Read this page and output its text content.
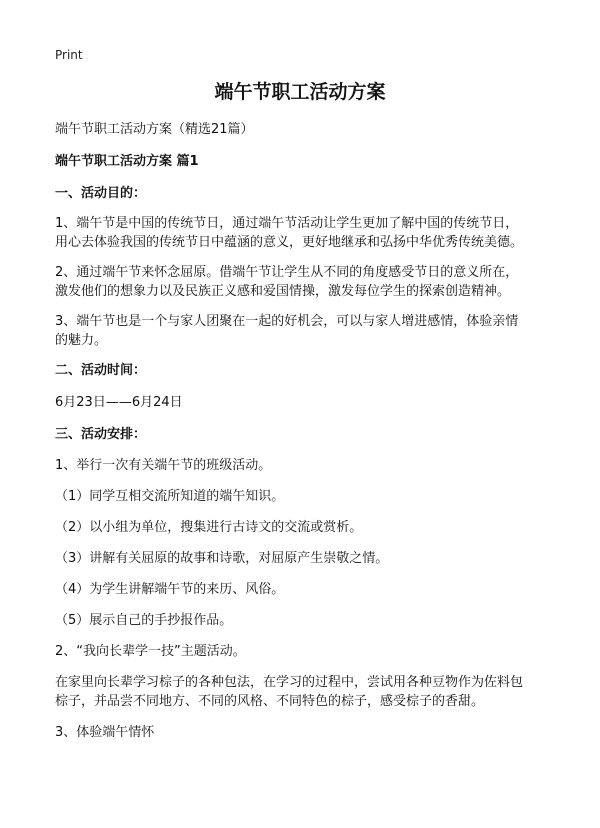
Print
端午节职工活动方案
端午节职工活动方案（精选21篇）
端午节职工活动方案 篇1
一、活动目的：
1、端午节是中国的传统节日，通过端午节活动让学生更加了解中国的传统节日，
用心去体验我国的传统节日中蕴涵的意义，更好地继承和弘扬中华优秀传统美德。
2、通过端午节来怀念屈原。借端午节让学生从不同的角度感受节日的意义所在，
激发他们的想象力以及民族正义感和爱国情操，激发每位学生的探索创造精神。
3、端午节也是一个与家人团聚在一起的好机会，可以与家人增进感情，体验亲情
的魅力。
二、活动时间：
6月23日——6月24日
三、活动安排：
1、举行一次有关端午节的班级活动。
（1）同学互相交流所知道的端午知识。
（2）以小组为单位，搜集进行古诗文的交流或赏析。
（3）讲解有关屈原的故事和诗歌，对屈原产生崇敬之情。
（4）为学生讲解端午节的来历、风俗。
（5）展示自己的手抄报作品。
2、“我向长辈学一技”主题活动。
在家里向长辈学习棕子的各种包法，在学习的过程中，尝试用各种豆物作为佐料包
棕子，并品尝不同地方、不同的风格、不同特色的棕子，感受棕子的香甜。
3、体验端午情怀
